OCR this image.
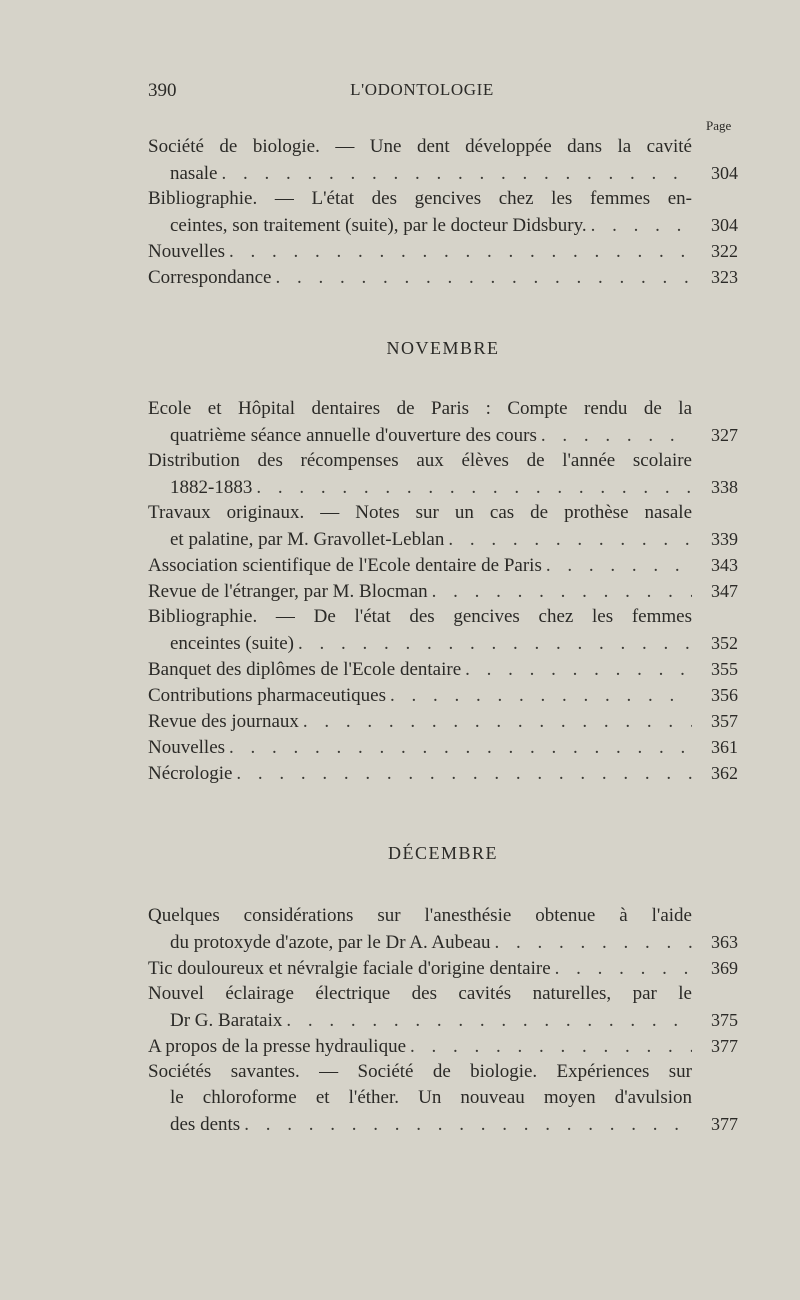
390	L'ODONTOLOGIE
Page
Société de biologie. — Une dent développée dans la cavité
nasale . . .	304
Bibliographie. — L'état des gencives chez les femmes en-
ceintes, son traitement (suite), par le docteur Didsbury. . . .	304
Nouvelles . . .	322
Correspondance . . .	323
NOVEMBRE
Ecole et Hôpital dentaires de Paris : Compte rendu de la
quatrième séance annuelle d'ouverture des cours . . .	327
Distribution des récompenses aux élèves de l'année scolaire
1882-1883 . . .	338
Travaux originaux. — Notes sur un cas de prothèse nasale
et palatine, par M. Gravollet-Leblan . . .	339
Association scientifique de l'Ecole dentaire de Paris . . .	343
Revue de l'étranger, par M. Blocman . . .	347
Bibliographie. — De l'état des gencives chez les femmes
enceintes (suite) . . .	352
Banquet des diplômes de l'Ecole dentaire . . .	355
Contributions pharmaceutiques . . .	356
Revue des journaux . . .	357
Nouvelles . . .	361
Nécrologie . . .	362
DÉCEMBRE
Quelques considérations sur l'anesthésie obtenue à l'aide
du protoxyde d'azote, par le Dr A. Aubeau . . .	363
Tic douloureux et névralgie faciale d'origine dentaire . . .	369
Nouvel éclairage électrique des cavités naturelles, par le
Dr G. Barataix . . .	375
A propos de la presse hydraulique . . .	377
Sociétés savantes. — Société de biologie. Expériences sur
le chloroforme et l'éther. Un nouveau moyen d'avulsion
des dents . . .	377
